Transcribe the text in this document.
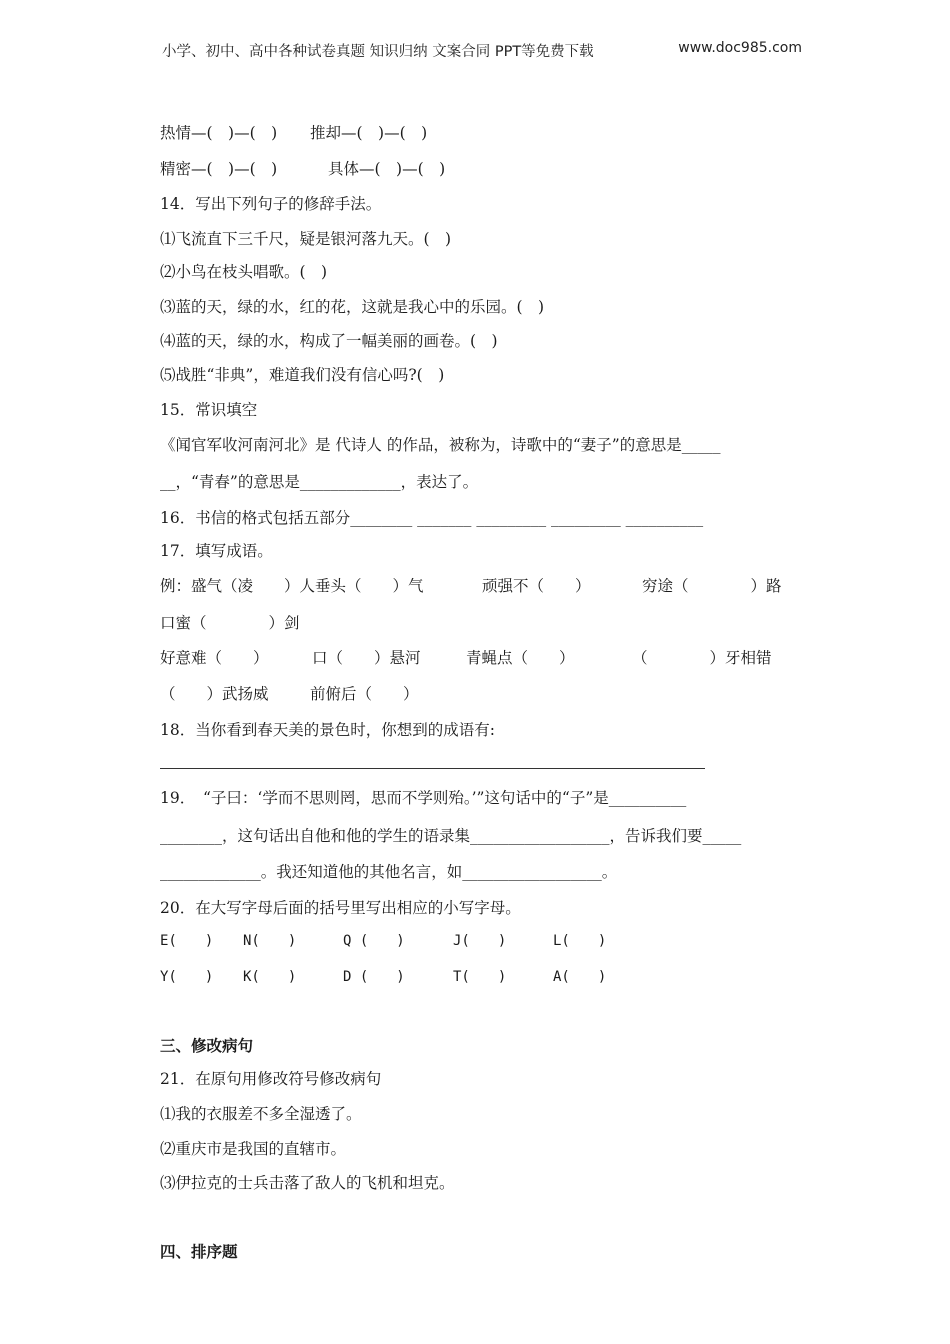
小学、初中、高中各种试卷真题 知识归纳 文案合同 PPT等免费下载	www.doc985.com
热情—(　)—(　) 推却—(　)—(　)
精密—(　)—(　)	具体—(　)—(　)
14．写出下列句子的修辞手法。
⑴飞流直下三千尺，疑是银河落九天。(　)
⑵小鸟在枝头唱歌。(　)
⑶蓝的天，绿的水，红的花，这就是我心中的乐园。(　)
⑷蓝的天，绿的水，构成了一幅美丽的画卷。(　)
⑸战胜“非典”，难道我们没有信心吗?(　)
15．常识填空
《闻官军收河南河北》是 代诗人 的作品，被称为，诗歌中的“妻子”的意思是_____
__，“青春”的意思是_____________，表达了。
16．书信的格式包括五部分________ _______ _________ _________ __________
17．填写成语。
例：盛气（凌　　）人垂头（　　）气	顽强不（　　）	穷途（　　　　）路
口蜜（　　　　）剑
好意难（　　）	口（　　）悬河	青蝇点（　　）	（　　　　）牙相错
（　　）武扬威	前俯后（　　）
18．当你看到春天美的景色时，你想到的成语有:
19．　“子曰：‘学而不思则罔，思而不学则殆。’”这句话中的“子”是__________
________，这句话出自他和他的学生的语录集__________________，告诉我们要_____
_____________。我还知道他的其他名言，如__________________。
20．在大写字母后面的括号里写出相应的小写字母。
E(　　) N(　　)	Q (　　)	J(　　)	L(　　)
Y(　　) K(　　)	D (　　)	T(　　)	A(　　)
三、修改病句
21．在原句用修改符号修改病句
⑴我的衣服差不多全湿透了。
⑵重庆市是我国的直辖市。
⑶伊拉克的士兵击落了敌人的飞机和坦克。
四、排序题
